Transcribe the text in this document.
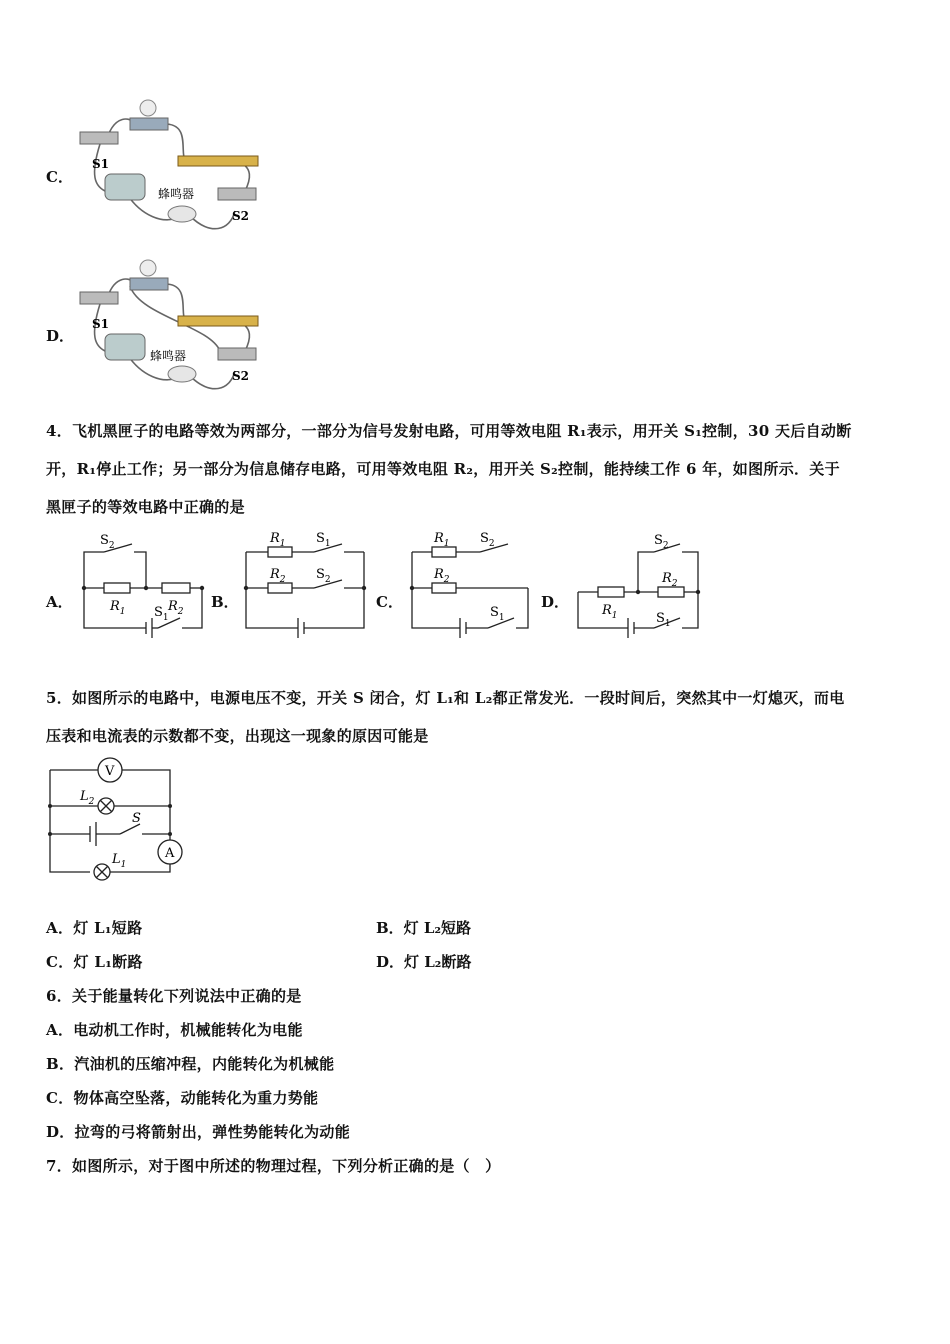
C．
S1
蜂鸣器
S2
D．
S1
蜂鸣器
S2
4．飞机黑匣子的电路等效为两部分，一部分为信号发射电路，可用等效电阻 R₁表示，用开关 S₁控制，30 天后自动断
开，R₁停止工作；另一部分为信息储存电路，可用等效电阻 R₂，用开关 S₂控制，能持续工作 6 年，如图所示．关于
黑匣子的等效电路中正确的是
A．
$S_2$
$R_1$	$R_2$
$S_1$
B．
$R_1$ $S_1$
$R_2$ $S_2$
C．
$R_1$ $S_2$
$R_2$
$S_1$
D．
$S_2$
$R_2$
$R_1$	$S_1$
5．如图所示的电路中，电源电压不变，开关 S 闭合，灯 L₁和 L₂都正常发光．一段时间后，突然其中一灯熄灭，而电
压表和电流表的示数都不变，出现这一现象的原因可能是
V
A
$L_2$
$L_1$
S
A．灯 L₁短路	B．灯 L₂短路
C．灯 L₁断路	D．灯 L₂断路
6．关于能量转化下列说法中正确的是
A．电动机工作时，机械能转化为电能
B．汽油机的压缩冲程，内能转化为机械能
C．物体高空坠落，动能转化为重力势能
D．拉弯的弓将箭射出，弹性势能转化为动能
7．如图所示，对于图中所述的物理过程，下列分析正确的是（　）
